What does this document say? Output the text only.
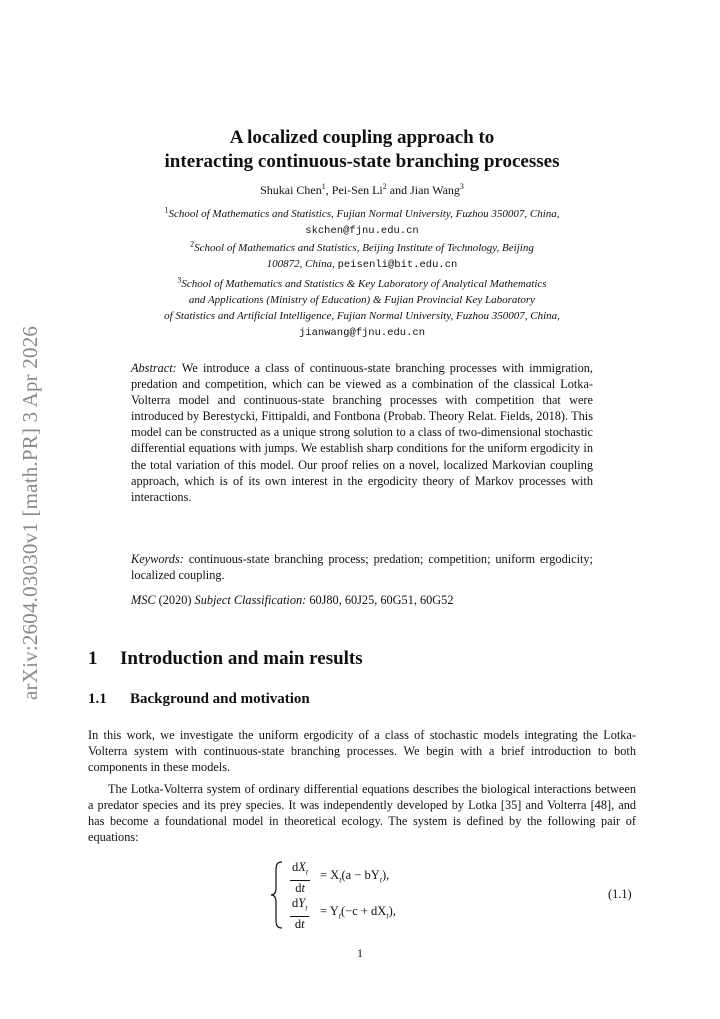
arXiv:2604.03030v1 [math.PR] 3 Apr 2026
A localized coupling approach to
interacting continuous-state branching processes
Shukai Chen$^1$, Pei-Sen Li$^2$ and Jian Wang$^3$
$^1$School of Mathematics and Statistics, Fujian Normal University, Fuzhou 350007, China,
skchen@fjnu.edu.cn
$^2$School of Mathematics and Statistics, Beijing Institute of Technology, Beijing
100872, China, peisenli@bit.edu.cn
$^3$School of Mathematics and Statistics & Key Laboratory of Analytical Mathematics
and Applications (Ministry of Education) & Fujian Provincial Key Laboratory
of Statistics and Artificial Intelligence, Fujian Normal University, Fuzhou 350007, China,
jianwang@fjnu.edu.cn
Abstract: We introduce a class of continuous-state branching processes with immigration, predation and competition, which can be viewed as a combination of the classical Lotka-Volterra model and continuous-state branching processes with competition that were introduced by Berestycki, Fittipaldi, and Fontbona (Probab. Theory Relat. Fields, 2018). This model can be constructed as a unique strong solution to a class of two-dimensional stochastic differential equations with jumps. We establish sharp conditions for the uniform ergodicity in the total variation of this model. Our proof relies on a novel, localized Markovian coupling approach, which is of its own interest in the ergodicity theory of Markov processes with interactions.
Keywords: continuous-state branching process; predation; competition; uniform ergodicity; localized coupling.
MSC (2020) Subject Classification: 60J80, 60J25, 60G51, 60G52
1 Introduction and main results
1.1 Background and motivation
In this work, we investigate the uniform ergodicity of a class of stochastic models integrating the Lotka-Volterra system with continuous-state branching processes. We begin with a brief introduction to both components in these models.
The Lotka-Volterra system of ordinary differential equations describes the biological interactions between a predator species and its prey species. It was independently developed by Lotka [35] and Volterra [48], and has become a foundational model in theoretical ecology. The system is defined by the following pair of equations:
$dX_t$
dt
= $X_t(a - bY_t)$,
$dY_t$
dt
= $Y_t(-c + dX_t)$,
(1.1)
1
